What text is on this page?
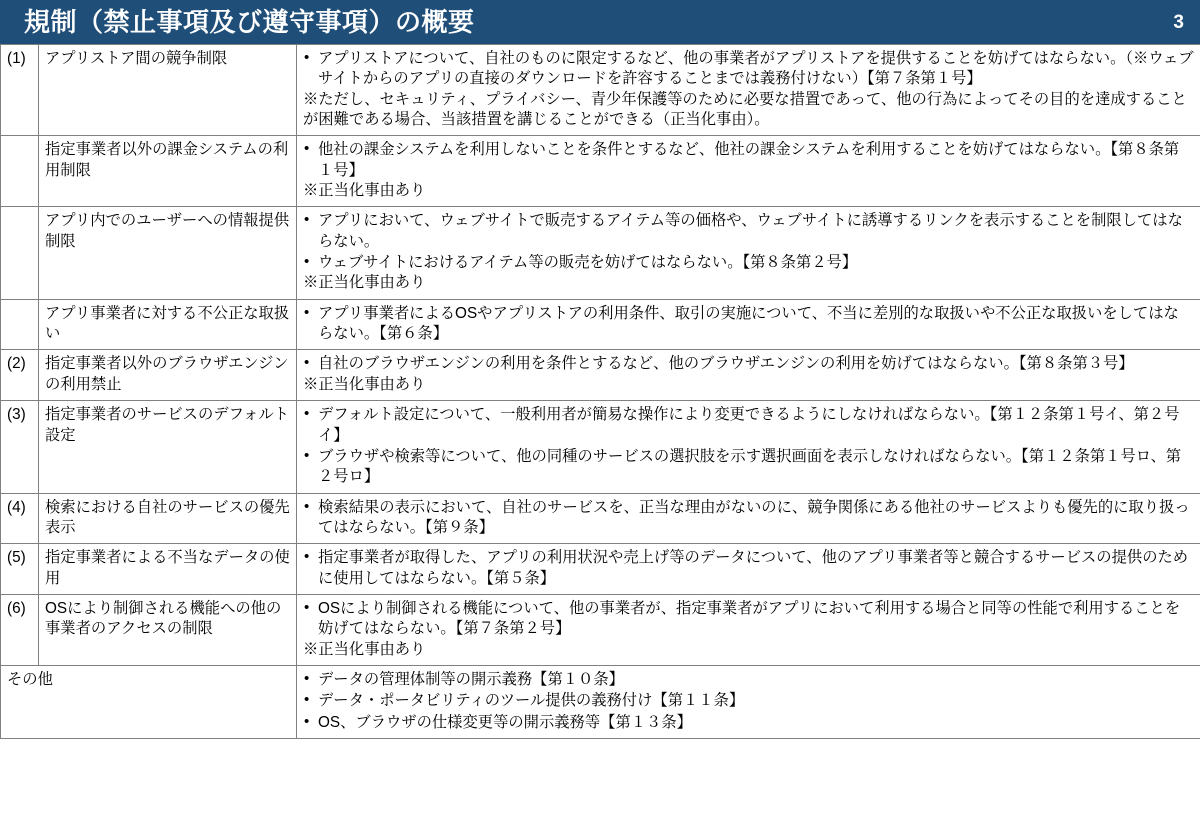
規制（禁止事項及び遵守事項）の概要	3
(1)	アプリストア間の競争制限	
•アプリストアについて、自社のものに限定するなど、他の事業者がアプリストアを提供することを妨げてはならない。（※ウェブサイトからのアプリの直接のダウンロードを許容することまでは義務付けない）【第７条第１号】
※ただし、セキュリティ、プライバシー、青少年保護等のために必要な措置であって、他の行為によってその目的を達成することが困難である場合、当該措置を講じることができる（正当化事由）。

	指定事業者以外の課金システムの利用制限	
• 他社の課金システムを利用しないことを条件とするなど、他社の課金システムを利用することを妨げてはならない。【第８条第１号】
※正当化事由あり

	アプリ内でのユーザーへの情報提供制限	
• アプリにおいて、ウェブサイトで販売するアイテム等の価格や、ウェブサイトに誘導するリンクを表示することを制限してはならない。
• ウェブサイトにおけるアイテム等の販売を妨げてはならない。【第８条第２号】
※正当化事由あり

	アプリ事業者に対する不公正な取扱い	
• アプリ事業者によるOSやアプリストアの利用条件、取引の実施について、不当に差別的な取扱いや不公正な取扱いをしてはならない。【第６条】

(2)	指定事業者以外のブラウザエンジンの利用禁止	
• 自社のブラウザエンジンの利用を条件とするなど、他のブラウザエンジンの利用を妨げてはならない。【第８条第３号】
※正当化事由あり

(3)	指定事業者のサービスのデフォルト設定	
• デフォルト設定について、一般利用者が簡易な操作により変更できるようにしなければならない。【第１２条第１号イ、第２号イ】
• ブラウザや検索等について、他の同種のサービスの選択肢を示す選択画面を表示しなければならない。【第１２条第１号ロ、第２号ロ】

(4)	検索における自社のサービスの優先表示	
• 検索結果の表示において、自社のサービスを、正当な理由がないのに、競争関係にある他社のサービスよりも優先的に取り扱ってはならない。【第９条】

(5)	指定事業者による不当なデータの使用	
• 指定事業者が取得した、アプリの利用状況や売上げ等のデータについて、他のアプリ事業者等と競合するサービスの提供のために使用してはならない。【第５条】

(6)	OSにより制御される機能への他の事業者のアクセスの制限	
• OSにより制御される機能について、他の事業者が、指定事業者がアプリにおいて利用する場合と同等の性能で利用することを妨げてはならない。【第７条第２号】
※正当化事由あり

その他	
•データの管理体制等の開示義務【第１０条】
• データ・ポータビリティのツール提供の義務付け【第１１条】
• OS、ブラウザの仕様変更等の開示義務等【第１３条】
